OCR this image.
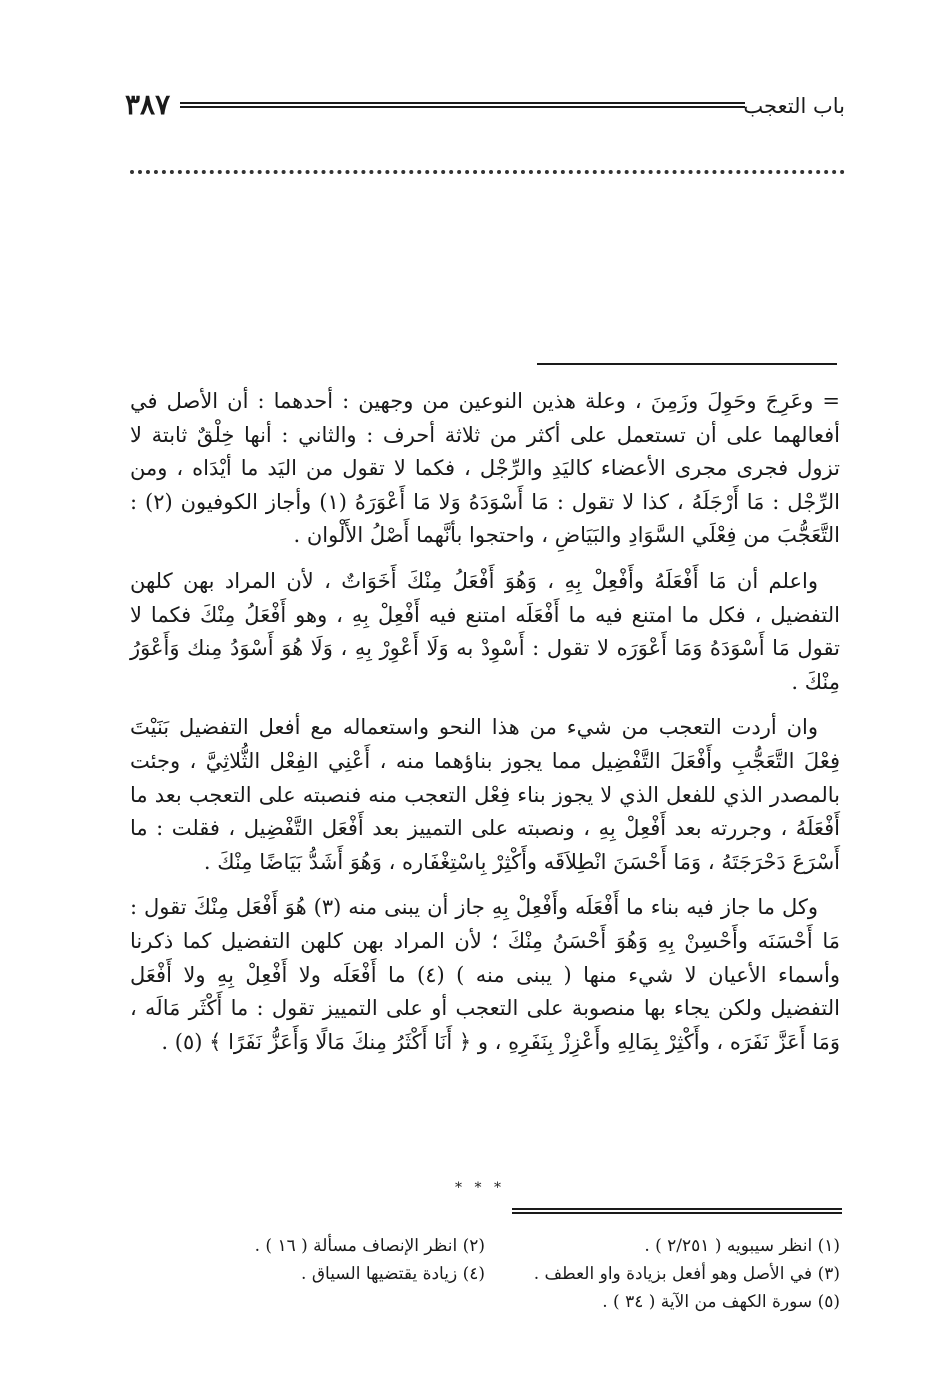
باب التعجب
٣٨٧

= وعَرِجَ وحَوِلَ وزَمِنَ ، وعلة هذين النوعين من وجهين : أحدهما : أن الأصل في أفعالهما على أن تستعمل على أكثر من ثلاثة أحرف : والثاني : أنها خِلْقٌ ثابتة لا تزول فجرى مجرى الأعضاء كاليَدِ والرِّجْل ، فكما لا تقول من اليَد ما أيْدَاه ، ومن الرِّجْل : مَا أَرْجَلَهُ ، كذا لا تقول : مَا أَسْوَدَهُ وَلا مَا أَعْوَرَهُ (١) وأجاز الكوفيون (٢) : التَّعَجُّبَ من فِعْلَي السَّوَادِ والبَيَاضِ ، واحتجوا بأنَّهما أَصْلُ الأَلْوان .

واعلم أن مَا أَفْعَلَهُ وأَفْعِلْ بِهِ ، وَهُوَ أَفْعَلُ مِنْكَ أَخَوَاتٌ ، لأن المراد بهن كلهن التفضيل ، فكل ما امتنع فيه ما أَفْعَلَه امتنع فيه أَفْعِلْ بِهِ ، وهو أَفْعَلُ مِنْكَ فكما لا تقول مَا أَسْوَدَهُ وَمَا أَعْوَرَه لا تقول : أَسْوِدْ به وَلَا أَعْوِرْ بِهِ ، وَلَا هُوَ أَسْوَدُ مِنك وَأَعْوَرُ مِنْكَ .

وان أردت التعجب من شيء من هذا النحو واستعماله مع أفعل التفضيل بَنَيْتَ فِعْلَ التَّعَجُّبِ وأَفْعَلَ التَّفْضِيل مما يجوز بناؤهما منه ، أَعْنِي الفِعْل الثُّلاثِيَّ ، وجئت بالمصدر الذي للفعل الذي لا يجوز بناء فِعْل التعجب منه فنصبته على التعجب بعد ما أَفْعَلَهُ ، وجررته بعد أَفْعِلْ بِهِ ، ونصبته على التمييز بعد أَفْعَل التَّفْضِيل ، فقلت : ما أَسْرَعَ دَحْرَجَتَهُ ، وَمَا أَحْسَنَ انْطِلاَقَه وأَكْثِرْ بِاسْتِغْفَاره ، وَهُوَ أَشَدُّ بَيَاضًا مِنْكَ .

وكل ما جاز فيه بناء ما أَفْعَلَه وأَفْعِلْ بِهِ جاز أن يبنى منه (٣) هُوَ أَفْعَل مِنْكَ تقول : مَا أَحْسَنَه وأَحْسِنْ بِهِ وَهُوَ أَحْسَنُ مِنْكَ ؛ لأن المراد بهن كلهن التفضيل كما ذكرنا وأسماء الأعيان لا شيء منها ( يبنى منه ) (٤) ما أَفْعَلَه ولا أَفْعِلْ بِهِ ولا أَفْعَل التفضيل ولكن يجاء بها منصوبة على التعجب أو على التمييز تقول : ما أَكْثَر مَالَه ، وَمَا أَعَزَّ نَفَرَه ، وأَكْثِرْ بِمَالِهِ وأَعْزِزْ بِنَفَرِهِ ، و ﴿ أَنَا أَكْثَرُ مِنكَ مَالًا وَأَعَزُّ نَفَرًا ﴾ (٥) .

* * *
(١) انظر سيبويه ( ٢/٢٥١ ) .
(٢) انظر الإنصاف مسألة ( ١٦ ) .
(٣) في الأصل وهو أفعل بزيادة واو العطف .
(٤) زيادة يقتضيها السياق .
(٥) سورة الكهف من الآية ( ٣٤ ) .
